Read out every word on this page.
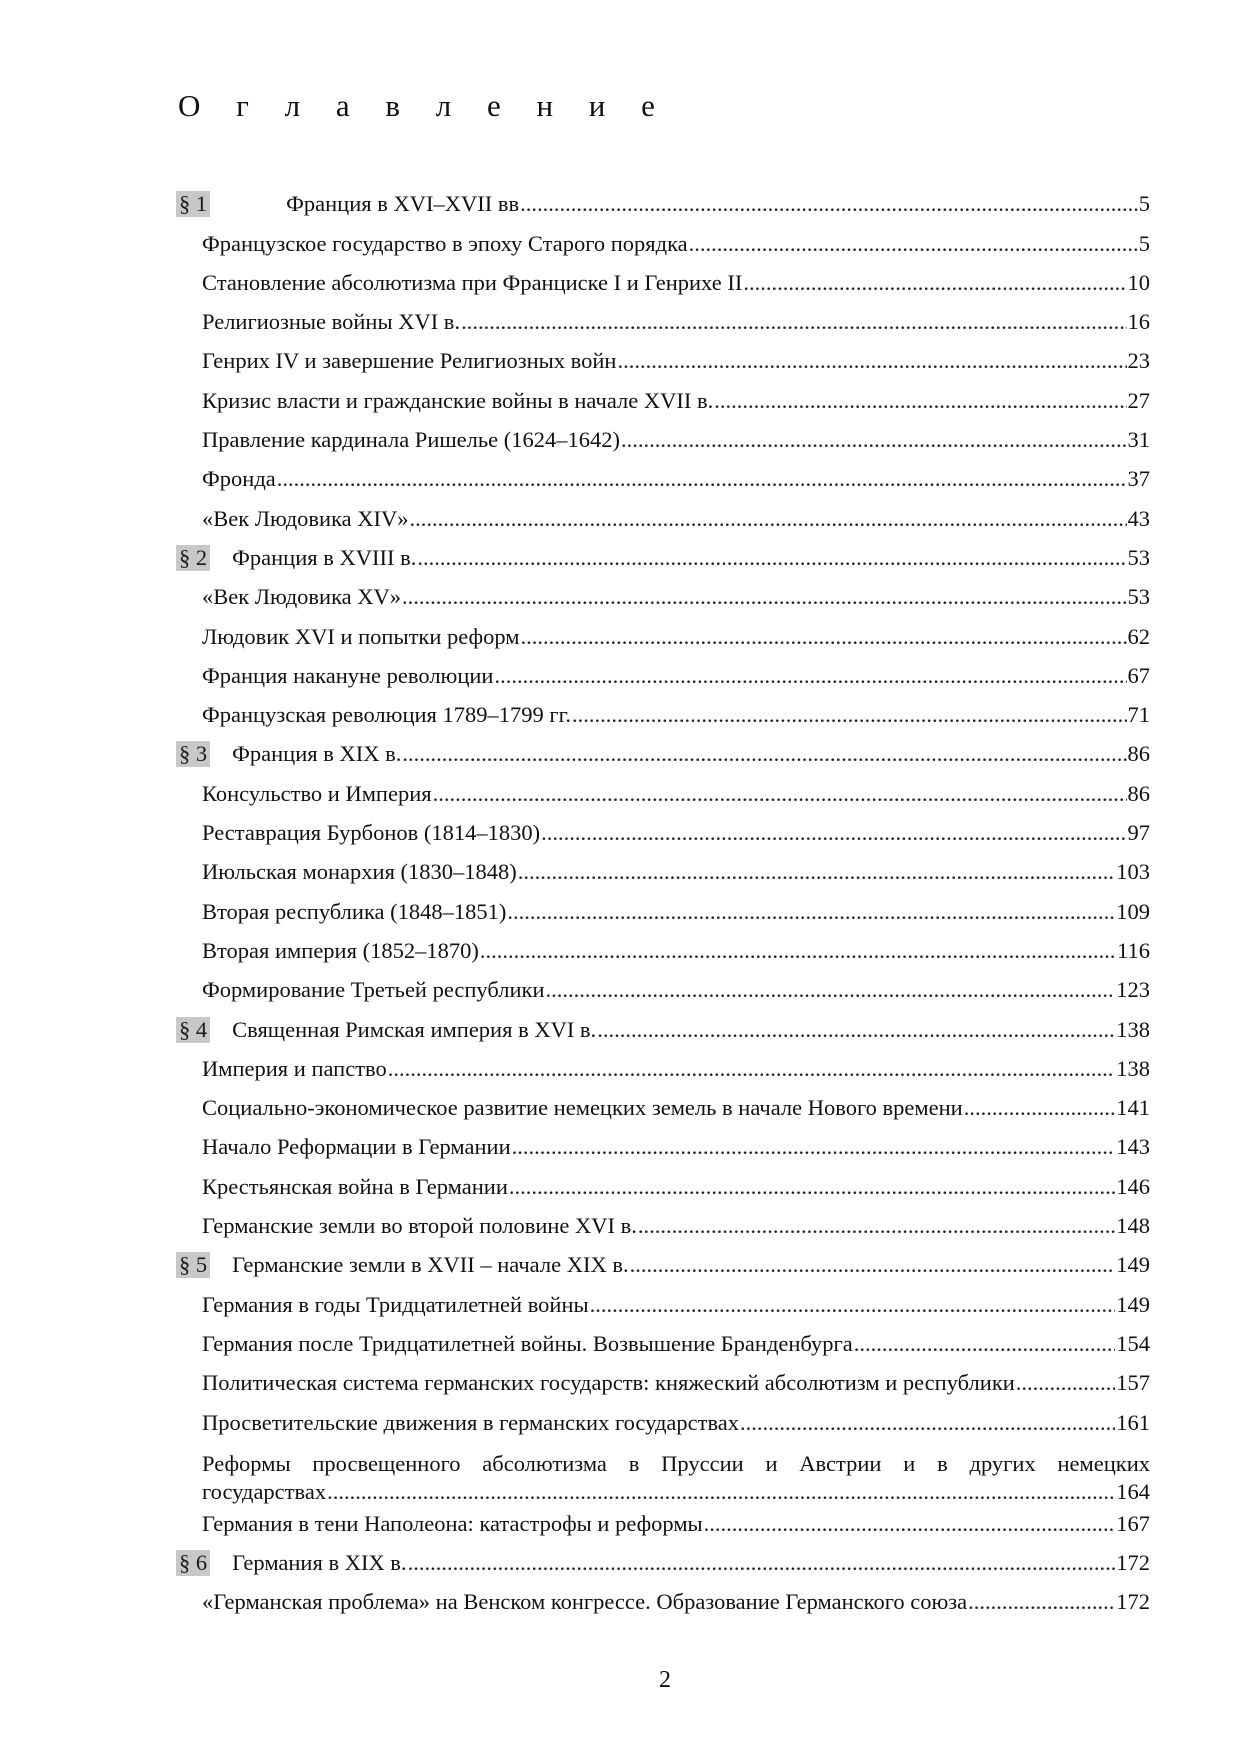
О г л а в л е н и е
§ 1	Франция в XVI–XVII вв .....	5
Французское государство в эпоху Старого порядка .....	5
Становление абсолютизма при Франциске I и Генрихе II .....	10
Религиозные войны XVI в. .....	16
Генрих IV и завершение Религиозных войн .....	23
Кризис власти и гражданские войны в начале XVII в. .....	27
Правление кардинала Ришелье (1624–1642) .....	31
Фронда .....	37
«Век Людовика XIV» .....	43
§ 2 Франция в XVIII в. .....	53
«Век Людовика XV» .....	53
Людовик XVI и попытки реформ .....	62
Франция накануне революции .....	67
Французская революция 1789–1799 гг. .....	71
§ 3 Франция в XIX в. .....	86
Консульство и Империя .....	86
Реставрация Бурбонов (1814–1830) .....	97
Июльская монархия (1830–1848) .....	103
Вторая республика (1848–1851) .....	109
Вторая империя (1852–1870) .....	116
Формирование Третьей республики .....	123
§ 4 Священная Римская империя в XVI в. .....	138
Империя и папство .....	138
Социально-экономическое развитие немецких земель в начале Нового времени .....	141
Начало Реформации в Германии .....	143
Крестьянская война в Германии .....	146
Германские земли во второй половине XVI в. .....	148
§ 5 Германские земли в XVII – начале XIX в. .....	149
Германия в годы Тридцатилетней войны .....	149
Германия после Тридцатилетней войны. Возвышение Бранденбурга .....	154
Политическая система германских государств: княжеский абсолютизм и республики .....	157
Просветительские движения в германских государствах .....	161
Реформы просвещенного абсолютизма в Пруссии и Австрии и в других немецких
государствах .....	164
Германия в тени Наполеона: катастрофы и реформы .....	167
§ 6 Германия в XIX в. .....	172
«Германская проблема» на Венском конгрессе. Образование Германского союза .....	172
2
